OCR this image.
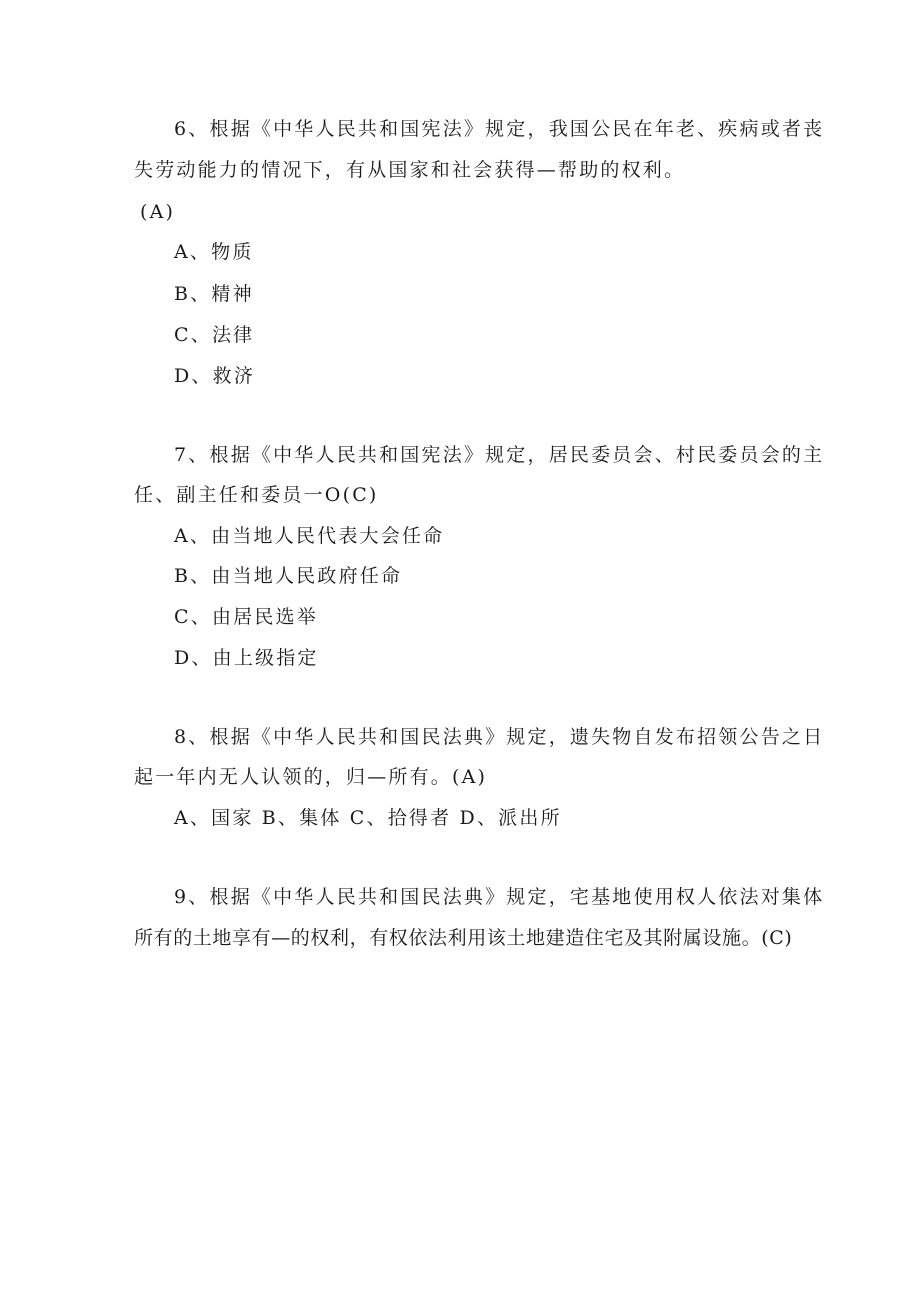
6、根据《中华人民共和国宪法》规定，我国公民在年老、疾病或者丧
失劳动能力的情况下，有从国家和社会获得—帮助的权利。
(A)
A、物质
B、精神
C、法律
D、救济
7、根据《中华人民共和国宪法》规定，居民委员会、村民委员会的主
任、副主任和委员一O(C)
A、由当地人民代表大会任命
B、由当地人民政府任命
C、由居民选举
D、由上级指定
8、根据《中华人民共和国民法典》规定，遗失物自发布招领公告之日
起一年内无人认领的，归—所有。(A)
A、国家 B、集体 C、拾得者 D、派出所
9、根据《中华人民共和国民法典》规定，宅基地使用权人依法对集体
所有的土地享有—的权利，有权依法利用该土地建造住宅及其附属设施。(C)
